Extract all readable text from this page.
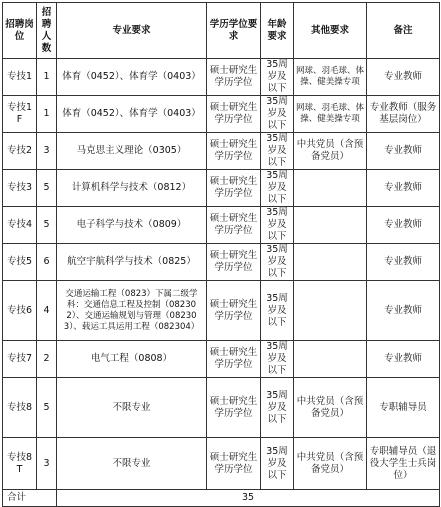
招聘岗位	招聘人数	专业要求	学历学位要求	年龄要求	其他要求	备注
专技1	1	体育（0452）、体育学（0403）	硕士研究生学历学位	35周岁及以下	网球、羽毛球、体操、健美操专项	专业教师
专技1F	1	体育（0452）、体育学（0403）	硕士研究生学历学位	35周岁及以下	网球、羽毛球、体操、健美操专项	专业教师（服务基层岗位）
专技2	3	马克思主义理论（0305）	硕士研究生学历学位	35周岁及以下	中共党员（含预备党员）	专业教师
专技3	5	计算机科学与技术（0812）	硕士研究生学历学位	35周岁及以下		专业教师
专技4	5	电子科学与技术（0809）	硕士研究生学历学位	35周岁及以下		专业教师
专技5	6	航空宇航科学与技术（0825）	硕士研究生学历学位	35周岁及以下		专业教师
专技6	4	交通运输工程（0823）下属二级学科：交通信息工程及控制（082302）、交通运输规划与管理（082303）、载运工具运用工程（082304）	硕士研究生学历学位	35周岁及以下		专业教师
专技7	2	电气工程（0808）	硕士研究生学历学位	35周岁及以下		专业教师
专技8	5	不限专业	硕士研究生学历学位	35周岁及以下	中共党员（含预备党员）	专职辅导员
专技8T	3	不限专业	硕士研究生学历学位	35周岁及以下	中共党员（含预备党员）	专职辅导员（退役大学生士兵岗位）
合计		35				
